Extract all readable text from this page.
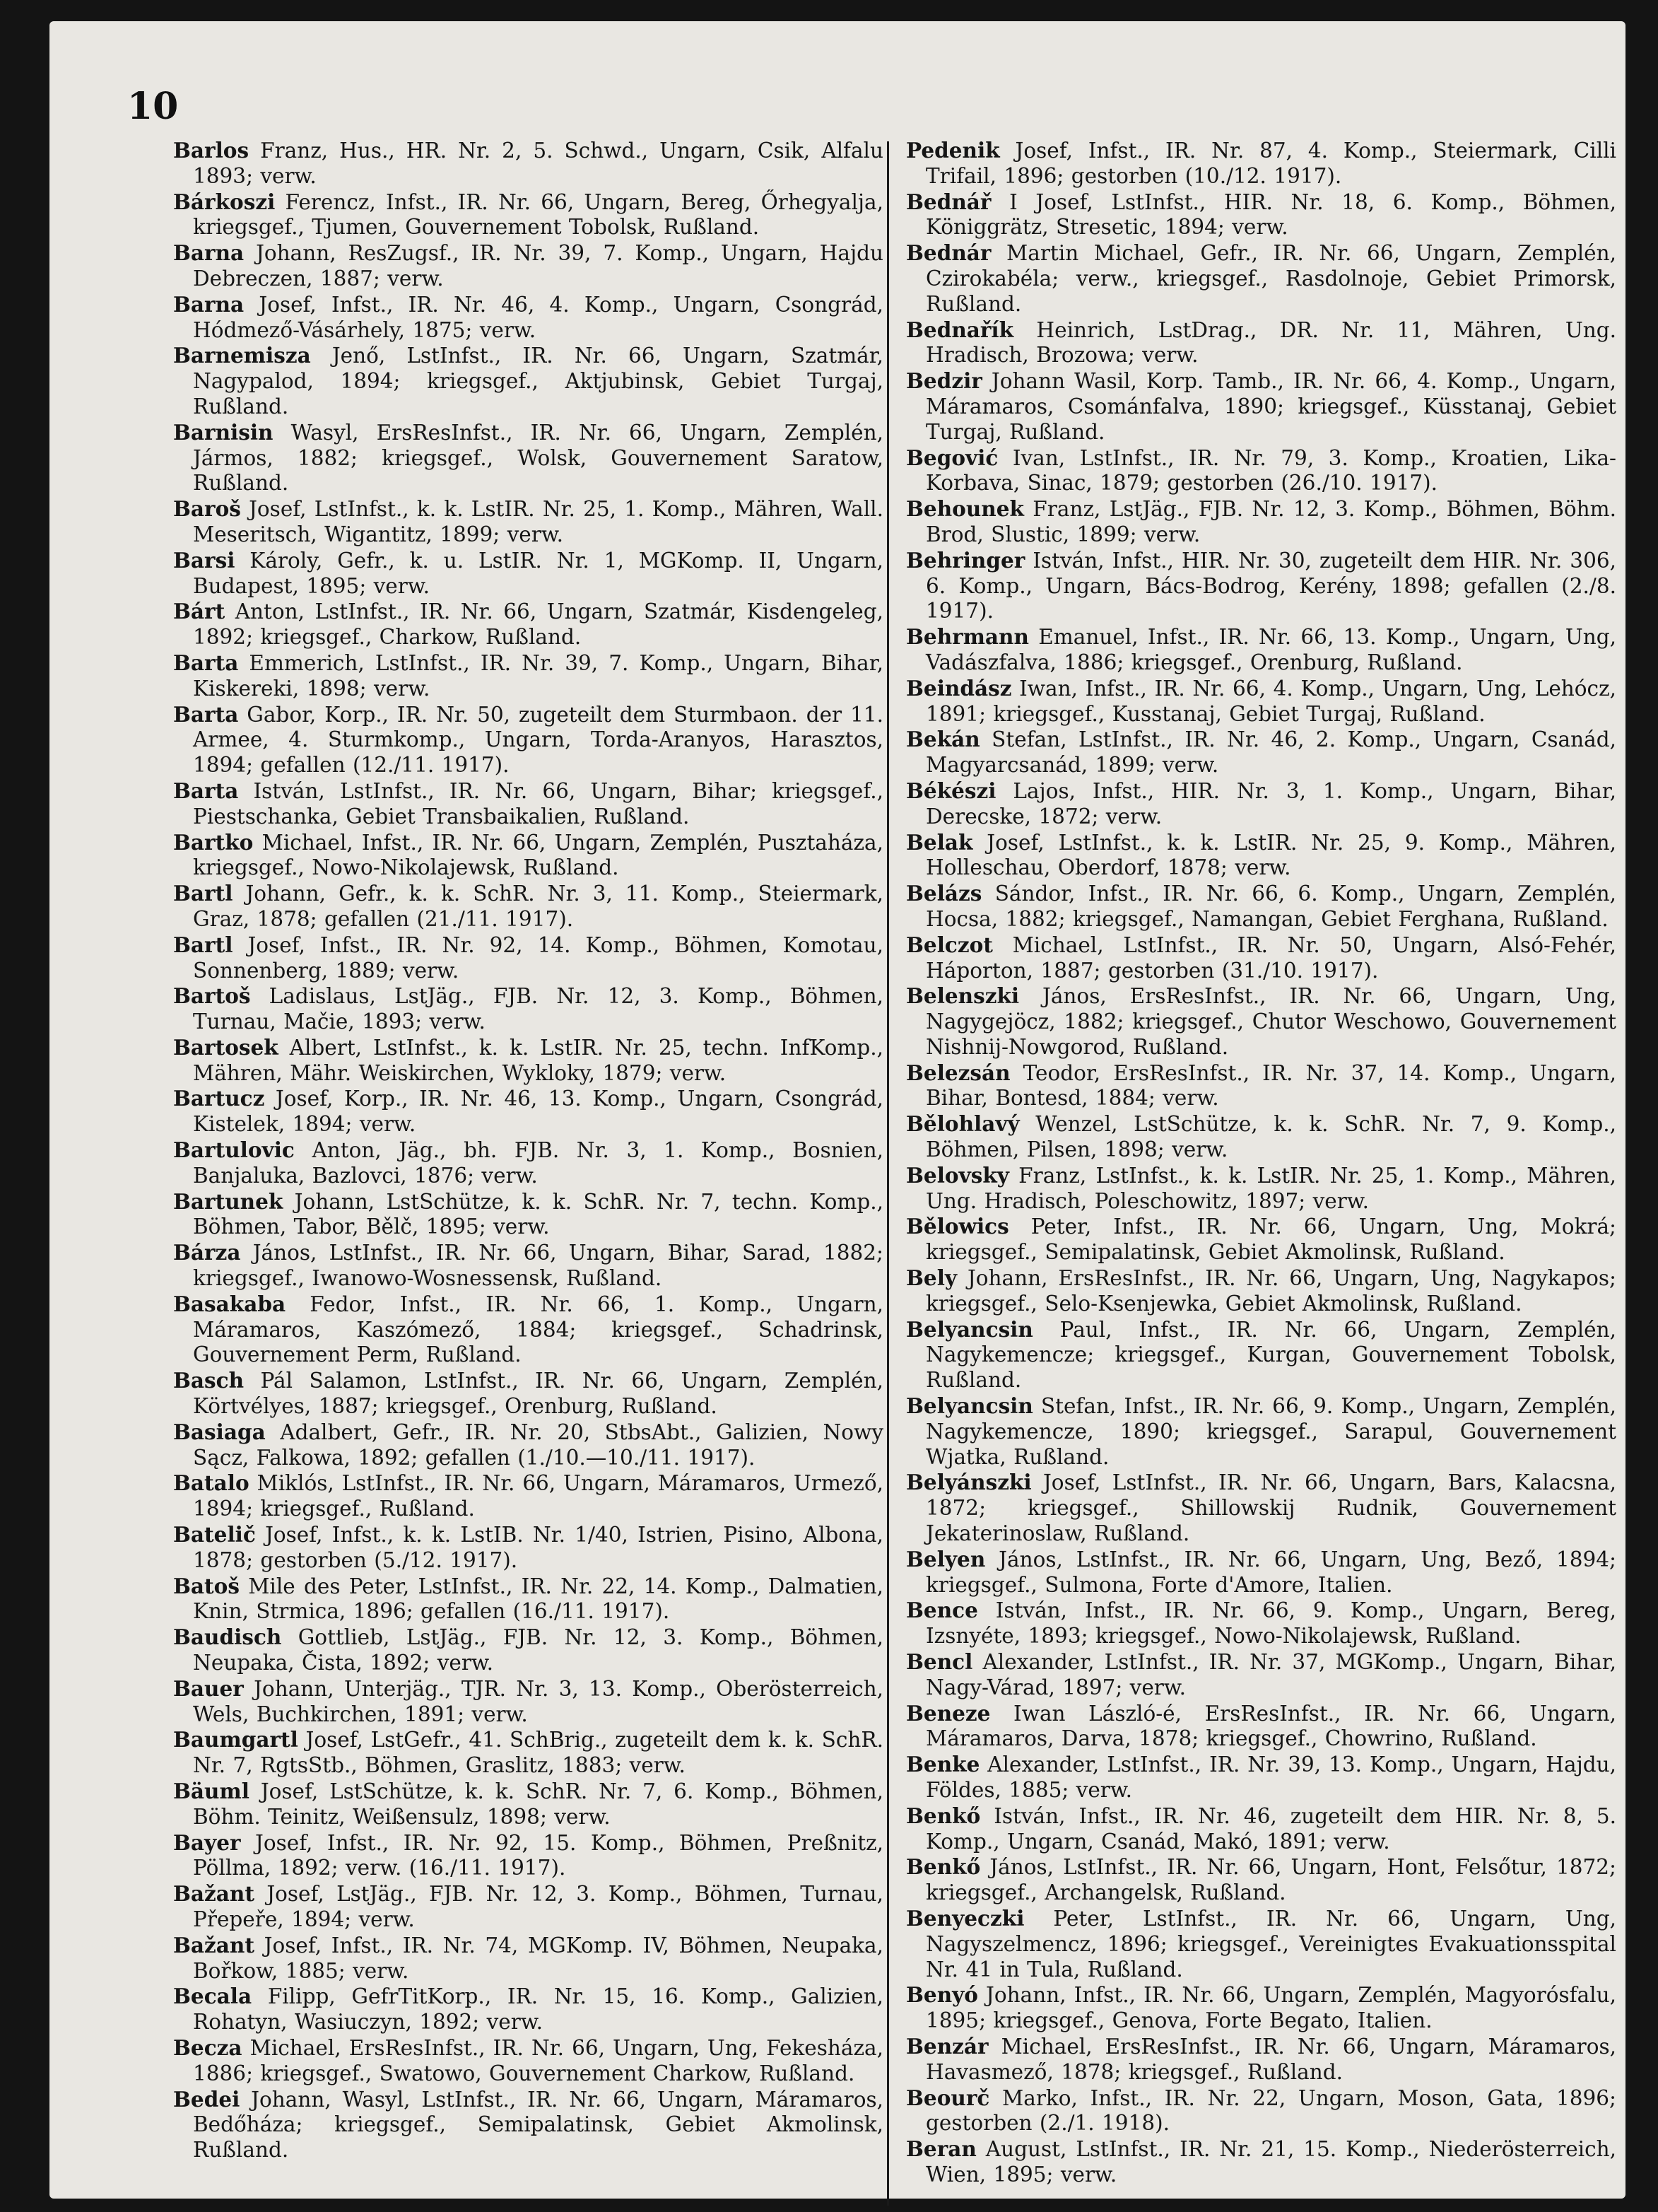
10

Barlos Franz, Hus., HR. Nr. 2, 5. Schwd., Ungarn, Csik, Alfalu 1893; verw.

Bárkoszi Ferencz, Infst., IR. Nr. 66, Ungarn, Bereg, Őrhegyalja, kriegsgef., Tjumen, Gouvernement Tobolsk, Rußland.

Barna Johann, ResZugsf., IR. Nr. 39, 7. Komp., Ungarn, Hajdu Debreczen, 1887; verw.

Barna Josef, Infst., IR. Nr. 46, 4. Komp., Ungarn, Csongrád, Hódmező-Vásárhely, 1875; verw.

Barnemisza Jenő, LstInfst., IR. Nr. 66, Ungarn, Szatmár, Nagypalod, 1894; kriegsgef., Aktjubinsk, Gebiet Turgaj, Rußland.

Barnisin Wasyl, ErsResInfst., IR. Nr. 66, Ungarn, Zemplén, Jármos, 1882; kriegsgef., Wolsk, Gouvernement Saratow, Rußland.

Baroš Josef, LstInfst., k. k. LstIR. Nr. 25, 1. Komp., Mähren, Wall. Meseritsch, Wigantitz, 1899; verw.

Barsi Károly, Gefr., k. u. LstIR. Nr. 1, MGKomp. II, Ungarn, Budapest, 1895; verw.

Bárt Anton, LstInfst., IR. Nr. 66, Ungarn, Szatmár, Kisdengeleg, 1892; kriegsgef., Charkow, Rußland.

Barta Emmerich, LstInfst., IR. Nr. 39, 7. Komp., Ungarn, Bihar, Kiskereki, 1898; verw.

Barta Gabor, Korp., IR. Nr. 50, zugeteilt dem Sturmbaon. der 11. Armee, 4. Sturmkomp., Ungarn, Torda-Aranyos, Harasztos, 1894; gefallen (12./11. 1917).

Barta István, LstInfst., IR. Nr. 66, Ungarn, Bihar; kriegsgef., Piestschanka, Gebiet Transbaikalien, Rußland.

Bartko Michael, Infst., IR. Nr. 66, Ungarn, Zemplén, Pusztaháza, kriegsgef., Nowo-Nikolajewsk, Rußland.

Bartl Johann, Gefr., k. k. SchR. Nr. 3, 11. Komp., Steiermark, Graz, 1878; gefallen (21./11. 1917).

Bartl Josef, Infst., IR. Nr. 92, 14. Komp., Böhmen, Komotau, Sonnenberg, 1889; verw.

Bartoš Ladislaus, LstJäg., FJB. Nr. 12, 3. Komp., Böhmen, Turnau, Mačie, 1893; verw.

Bartosek Albert, LstInfst., k. k. LstIR. Nr. 25, techn. InfKomp., Mähren, Mähr. Weiskirchen, Wykloky, 1879; verw.

Bartucz Josef, Korp., IR. Nr. 46, 13. Komp., Ungarn, Csongrád, Kistelek, 1894; verw.

Bartulovic Anton, Jäg., bh. FJB. Nr. 3, 1. Komp., Bosnien, Banjaluka, Bazlovci, 1876; verw.

Bartunek Johann, LstSchütze, k. k. SchR. Nr. 7, techn. Komp., Böhmen, Tabor, Bělč, 1895; verw.

Bárza János, LstInfst., IR. Nr. 66, Ungarn, Bihar, Sarad, 1882; kriegsgef., Iwanowo-Wosnessensk, Rußland.

Basakaba Fedor, Infst., IR. Nr. 66, 1. Komp., Ungarn, Máramaros, Kaszómező, 1884; kriegsgef., Schadrinsk, Gouvernement Perm, Rußland.

Basch Pál Salamon, LstInfst., IR. Nr. 66, Ungarn, Zemplén, Körtvélyes, 1887; kriegsgef., Orenburg, Rußland.

Basiaga Adalbert, Gefr., IR. Nr. 20, StbsAbt., Galizien, Nowy Sącz, Falkowa, 1892; gefallen (1./10.—10./11. 1917).

Batalo Miklós, LstInfst., IR. Nr. 66, Ungarn, Máramaros, Urmező, 1894; kriegsgef., Rußland.

Batelič Josef, Infst., k. k. LstIB. Nr. 1/40, Istrien, Pisino, Albona, 1878; gestorben (5./12. 1917).

Batoš Mile des Peter, LstInfst., IR. Nr. 22, 14. Komp., Dalmatien, Knin, Strmica, 1896; gefallen (16./11. 1917).

Baudisch Gottlieb, LstJäg., FJB. Nr. 12, 3. Komp., Böhmen, Neupaka, Čista, 1892; verw.

Bauer Johann, Unterjäg., TJR. Nr. 3, 13. Komp., Oberösterreich, Wels, Buchkirchen, 1891; verw.

Baumgartl Josef, LstGefr., 41. SchBrig., zugeteilt dem k. k. SchR. Nr. 7, RgtsStb., Böhmen, Graslitz, 1883; verw.

Bäuml Josef, LstSchütze, k. k. SchR. Nr. 7, 6. Komp., Böhmen, Böhm. Teinitz, Weißensulz, 1898; verw.

Bayer Josef, Infst., IR. Nr. 92, 15. Komp., Böhmen, Preßnitz, Pöllma, 1892; verw. (16./11. 1917).

Bažant Josef, LstJäg., FJB. Nr. 12, 3. Komp., Böhmen, Turnau, Přepeře, 1894; verw.

Bažant Josef, Infst., IR. Nr. 74, MGKomp. IV, Böhmen, Neupaka, Bořkow, 1885; verw.

Becala Filipp, GefrTitKorp., IR. Nr. 15, 16. Komp., Galizien, Rohatyn, Wasiuczyn, 1892; verw.

Becza Michael, ErsResInfst., IR. Nr. 66, Ungarn, Ung, Fekesháza, 1886; kriegsgef., Swatowo, Gouvernement Charkow, Rußland.

Bedei Johann, Wasyl, LstInfst., IR. Nr. 66, Ungarn, Máramaros, Bedőháza; kriegsgef., Semipalatinsk, Gebiet Akmolinsk, Rußland.

Pedenik Josef, Infst., IR. Nr. 87, 4. Komp., Steiermark, Cilli Trifail, 1896; gestorben (10./12. 1917).

Bednář I Josef, LstInfst., HIR. Nr. 18, 6. Komp., Böhmen, Königgrätz, Stresetic, 1894; verw.

Bednár Martin Michael, Gefr., IR. Nr. 66, Ungarn, Zemplén, Czirokabéla; verw., kriegsgef., Rasdolnoje, Gebiet Primorsk, Rußland.

Bednařík Heinrich, LstDrag., DR. Nr. 11, Mähren, Ung. Hradisch, Brozowa; verw.

Bedzir Johann Wasil, Korp. Tamb., IR. Nr. 66, 4. Komp., Ungarn, Máramaros, Csománfalva, 1890; kriegsgef., Küsstanaj, Gebiet Turgaj, Rußland.

Begović Ivan, LstInfst., IR. Nr. 79, 3. Komp., Kroatien, Lika-Korbava, Sinac, 1879; gestorben (26./10. 1917).

Behounek Franz, LstJäg., FJB. Nr. 12, 3. Komp., Böhmen, Böhm. Brod, Slustic, 1899; verw.

Behringer István, Infst., HIR. Nr. 30, zugeteilt dem HIR. Nr. 306, 6. Komp., Ungarn, Bács-Bodrog, Kerény, 1898; gefallen (2./8. 1917).

Behrmann Emanuel, Infst., IR. Nr. 66, 13. Komp., Ungarn, Ung, Vadászfalva, 1886; kriegsgef., Orenburg, Rußland.

Beindász Iwan, Infst., IR. Nr. 66, 4. Komp., Ungarn, Ung, Lehócz, 1891; kriegsgef., Kusstanaj, Gebiet Turgaj, Rußland.

Bekán Stefan, LstInfst., IR. Nr. 46, 2. Komp., Ungarn, Csanád, Magyarcsanád, 1899; verw.

Békészi Lajos, Infst., HIR. Nr. 3, 1. Komp., Ungarn, Bihar, Derecske, 1872; verw.

Belak Josef, LstInfst., k. k. LstIR. Nr. 25, 9. Komp., Mähren, Holleschau, Oberdorf, 1878; verw.

Belázs Sándor, Infst., IR. Nr. 66, 6. Komp., Ungarn, Zemplén, Hocsa, 1882; kriegsgef., Namangan, Gebiet Ferghana, Rußland.

Belczot Michael, LstInfst., IR. Nr. 50, Ungarn, Alsó-Fehér, Háporton, 1887; gestorben (31./10. 1917).

Belenszki János, ErsResInfst., IR. Nr. 66, Ungarn, Ung, Nagygejöcz, 1882; kriegsgef., Chutor Weschowo, Gouvernement Nishnij-Nowgorod, Rußland.

Belezsán Teodor, ErsResInfst., IR. Nr. 37, 14. Komp., Ungarn, Bihar, Bontesd, 1884; verw.

Bělohlavý Wenzel, LstSchütze, k. k. SchR. Nr. 7, 9. Komp., Böhmen, Pilsen, 1898; verw.

Belovsky Franz, LstInfst., k. k. LstIR. Nr. 25, 1. Komp., Mähren, Ung. Hradisch, Poleschowitz, 1897; verw.

Bělowics Peter, Infst., IR. Nr. 66, Ungarn, Ung, Mokrá; kriegsgef., Semipalatinsk, Gebiet Akmolinsk, Rußland.

Bely Johann, ErsResInfst., IR. Nr. 66, Ungarn, Ung, Nagykapos; kriegsgef., Selo-Ksenjewka, Gebiet Akmolinsk, Rußland.

Belyancsin Paul, Infst., IR. Nr. 66, Ungarn, Zemplén, Nagykemencze; kriegsgef., Kurgan, Gouvernement Tobolsk, Rußland.

Belyancsin Stefan, Infst., IR. Nr. 66, 9. Komp., Ungarn, Zemplén, Nagykemencze, 1890; kriegsgef., Sarapul, Gouvernement Wjatka, Rußland.

Belyánszki Josef, LstInfst., IR. Nr. 66, Ungarn, Bars, Kalacsna, 1872; kriegsgef., Shillowskij Rudnik, Gouvernement Jekaterinoslaw, Rußland.

Belyen János, LstInfst., IR. Nr. 66, Ungarn, Ung, Bező, 1894; kriegsgef., Sulmona, Forte d'Amore, Italien.

Bence István, Infst., IR. Nr. 66, 9. Komp., Ungarn, Bereg, Izsnyéte, 1893; kriegsgef., Nowo-Nikolajewsk, Rußland.

Bencl Alexander, LstInfst., IR. Nr. 37, MGKomp., Ungarn, Bihar, Nagy-Várad, 1897; verw.

Beneze Iwan László-é, ErsResInfst., IR. Nr. 66, Ungarn, Máramaros, Darva, 1878; kriegsgef., Chowrino, Rußland.

Benke Alexander, LstInfst., IR. Nr. 39, 13. Komp., Ungarn, Hajdu, Földes, 1885; verw.

Benkő István, Infst., IR. Nr. 46, zugeteilt dem HIR. Nr. 8, 5. Komp., Ungarn, Csanád, Makó, 1891; verw.

Benkő János, LstInfst., IR. Nr. 66, Ungarn, Hont, Felsőtur, 1872; kriegsgef., Archangelsk, Rußland.

Benyeczki Peter, LstInfst., IR. Nr. 66, Ungarn, Ung, Nagyszelmencz, 1896; kriegsgef., Vereinigtes Evakuationsspital Nr. 41 in Tula, Rußland.

Benyó Johann, Infst., IR. Nr. 66, Ungarn, Zemplén, Magyorósfalu, 1895; kriegsgef., Genova, Forte Begato, Italien.

Benzár Michael, ErsResInfst., IR. Nr. 66, Ungarn, Máramaros, Havasmező, 1878; kriegsgef., Rußland.

Beourč Marko, Infst., IR. Nr. 22, Ungarn, Moson, Gata, 1896; gestorben (2./1. 1918).

Beran August, LstInfst., IR. Nr. 21, 15. Komp., Niederösterreich, Wien, 1895; verw.
